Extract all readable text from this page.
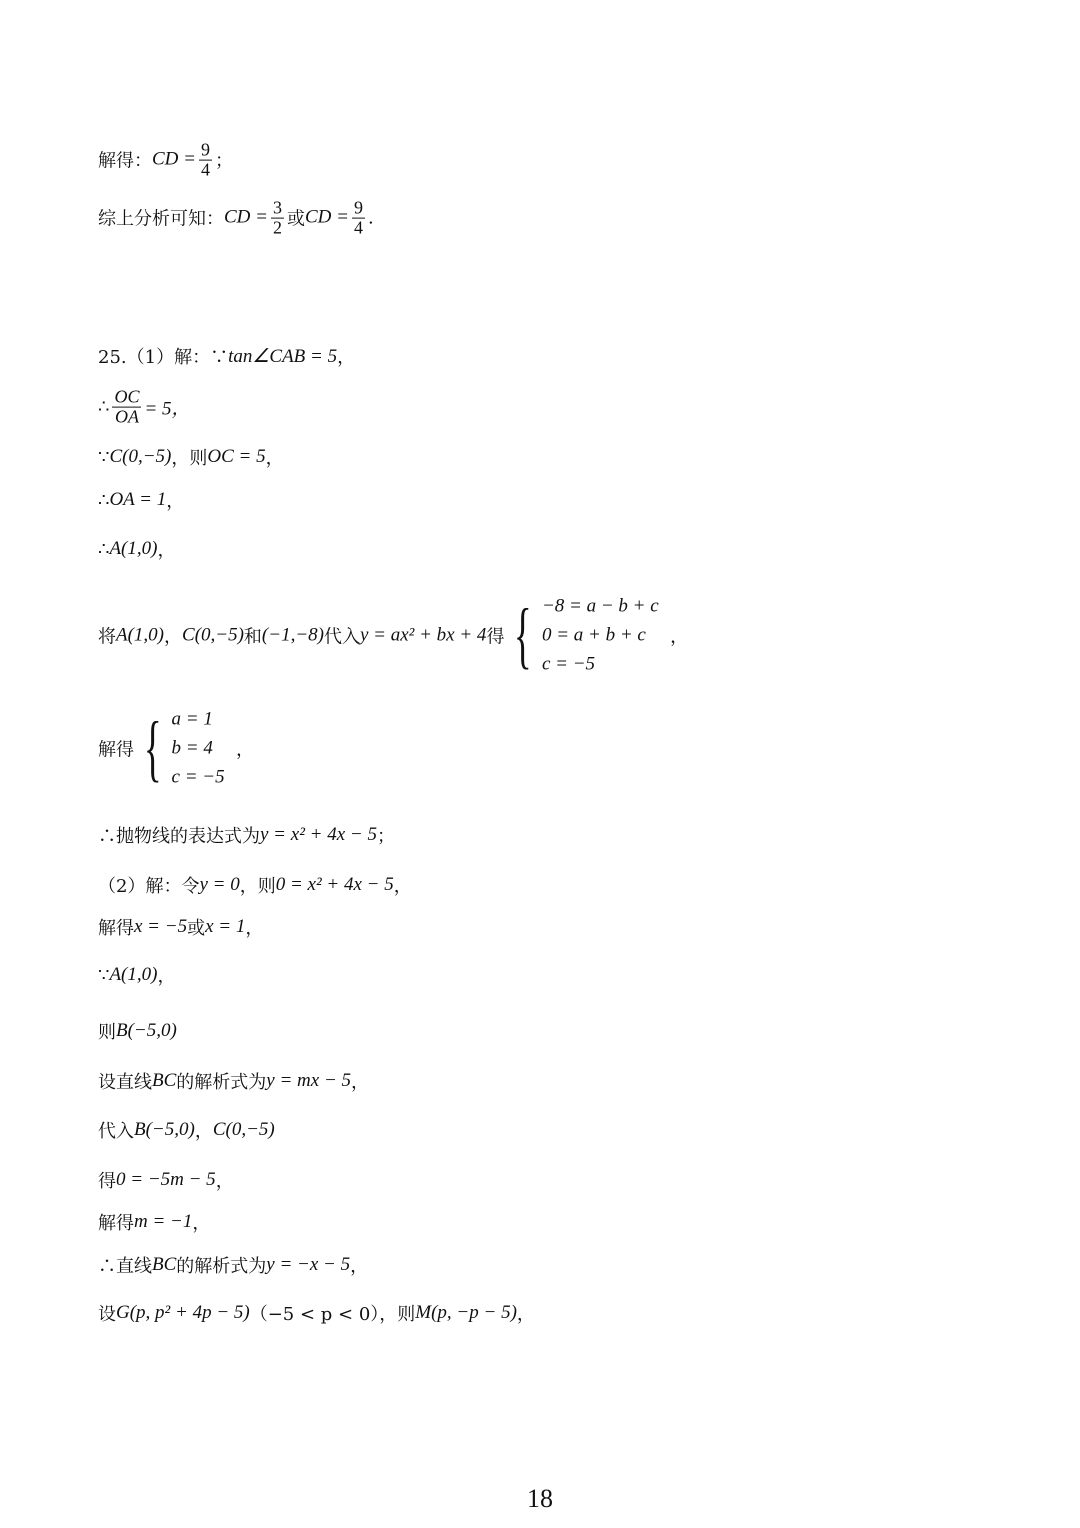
解得： CD = $\frac{9}{4}$ ；
综上分析可知： CD = $\frac{3}{2}$ 或 CD = $\frac{9}{4}$ .
25.（1）解：∵ tan∠CAB = 5 ，
∴ $\frac{OC}{OA} = 5$，
∵ C(0,−5) ，则 OC = 5 ，
∴ OA = 1 ，
∴ A(1,0) ，
将 A(1,0) ， C(0,−5) 和 (−1,−8) 代入 y = ax² + bx + 4 得 { −8 = a − b + c
0 = a + b + c
c = −5
，
解得 { a = 1
b = 4
c = −5
，
∴抛物线的表达式为 y = x² + 4x − 5 ；
（2）解：令 y = 0 ，则 0 = x² + 4x − 5 ，
解得 x = −5 或 x = 1 ，
∵ A(1,0) ，
则 B(−5,0)
设直线 BC 的解析式为 y = mx − 5 ，
代入 B(−5,0) ， C(0,−5)
得 0 = −5m − 5 ，
解得 m = −1 ，
∴直线 BC 的解析式为 y = −x − 5 ，
设 G(p, p² + 4p − 5) （−5 < p < 0），则 M(p, −p − 5) ，
18
